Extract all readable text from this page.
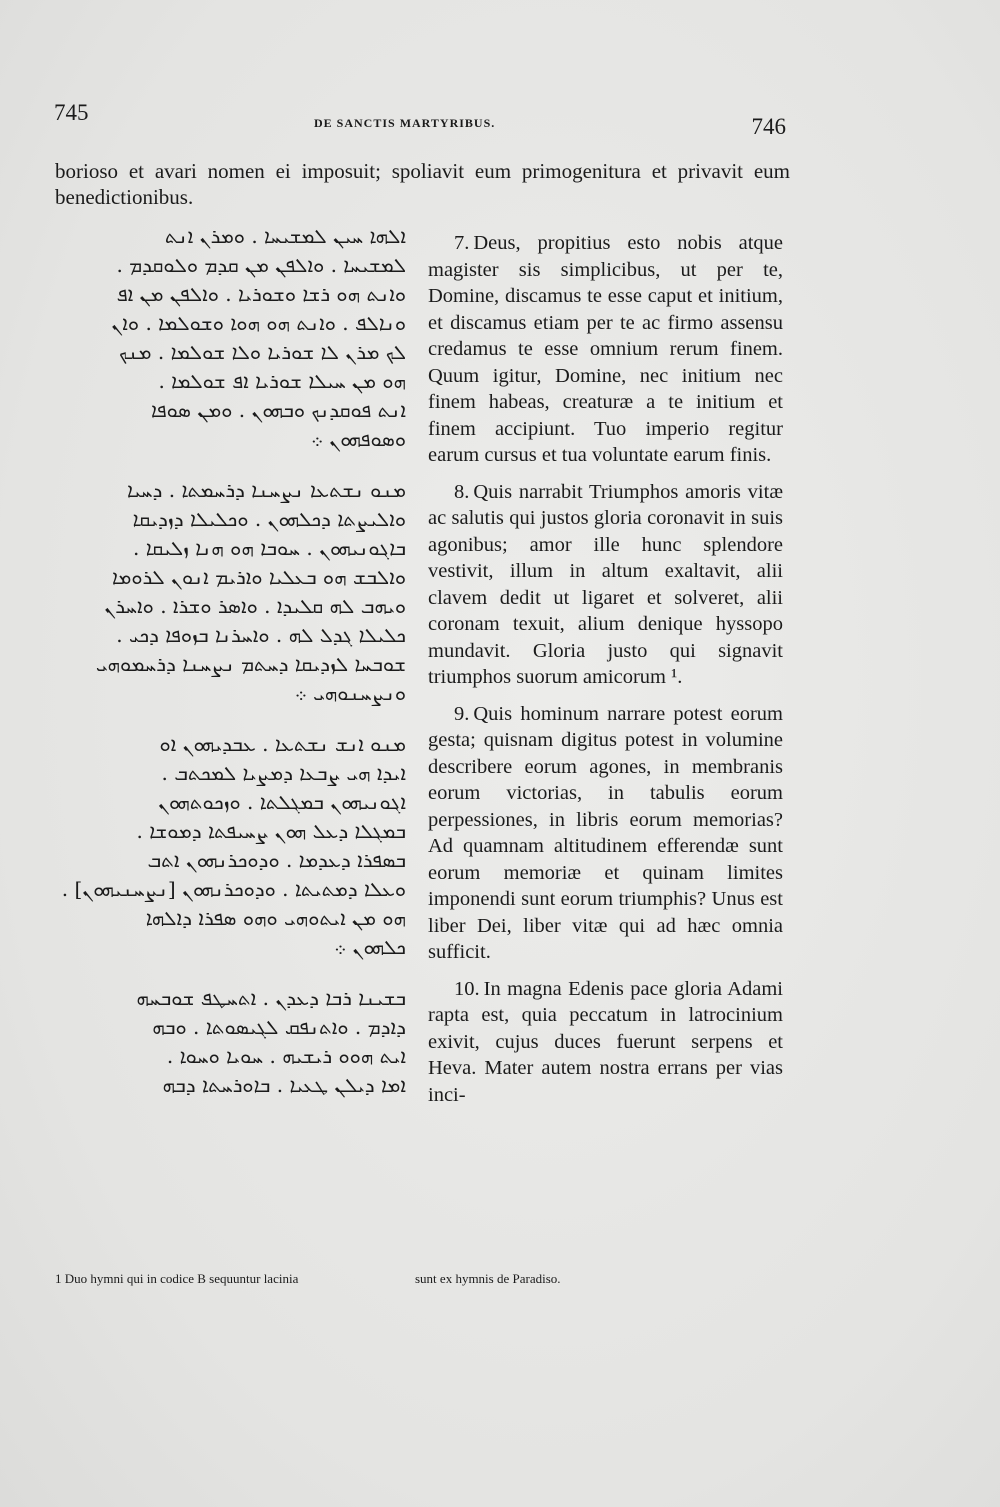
745	DE SANCTIS MARTYRIBUS.	746

borioso et avari nomen ei imposuit; spoliavit eum primogenitura et privavit eum benedictionibus.

ܐܠܗܐ ܚܝܢ ܠܡܫܝܚܐ . ܘܡܪܢ ܐܢܬ
ܠܡܫܝܚܐ . ܘܐܠܦܢ ܡܢ ܩܕܡ ܘܠܘܩܕܡ .
ܘܐܢܬ ܗܘ ܪܫܐ ܘܫܘܪܝܐ . ܘܐܠܦܢ ܡܢ ܐܦ
ܘܢܐܠܦ . ܘܐܢܬ ܗܘ ܗܘܐ ܘܫܘܠܡܐ . ܘܐܢ
ܠܟ ܡܪܢ ܠܐ ܫܘܪܝܐ ܘܠܐ ܫܘܠܡܐ . ܡܢܟ
ܗܘ ܡܢ ܚܝܠܐ ܫܘܪܝܐ ܐܦ ܫܘܠܡܐ .
ܐܢܬ ܦܘܩܕܢܟ ܘܒܗܘܢ . ܘܡܢ ܣܘܦܐ
ܘܣܘܦܗܘܢ ܀
ܡܢܘ ܢܫܬܥܐ ܢܨܚܢܐ ܕܪܚܡܬܐ . ܕܚܝܐ
ܘܐܠܝܨܬܐ ܕܟܠܗܘܢ . ܘܟܠܝܠܐ ܕܙܕܝܩܐ
ܒܐܓܘܢܝܗܘܢ . ܚܘܒܐ ܗܘ ܗܢܐ ܙܠܝܩܐ .
ܘܐܠܒܫ ܗܘ ܒܥܠܝܐ ܘܐܪܝܡ ܐܢܘܢ ܠܪܘܡܐ
ܘܝܗܒ ܠܗ ܩܠܝܕܐ . ܘܐܣܪ ܘܫܪܐ . ܘܐܚܪܢ
ܟܠܝܠܐ ܓܕܠ ܠܗ . ܘܐܚܪܢܐ ܒܙܘܦܐ ܕܟܝ .
ܫܘܒܚܐ ܠܙܕܝܩܐ ܕܚܬܡ ܢܨܚܢܐ ܕܪܚܡܘܗܝ
ܘܢܨܚܢܘܗܝ ܀
ܡܢܘ ܐܢܫ ܢܫܬܥܐ . ܥܒܕܝܗܘܢ ܐܘ
ܐܝܕܐ ܗܝ ܨܒܥܐ ܕܡܨܝܐ ܠܡܟܬܒ .
ܐܓܘܢܝܗܘܢ ܒܡܓܠܬܐ . ܘܙܟܘܬܗܘܢ
ܒܡܓܠܐ ܕܥܠ ܗܘܢ ܨܚܝܦܬܐ ܕܡܘܫܐ .
ܒܣܦܪܐ ܕܥܕܡܐ . ܘܕܘܟܪܢܗܘܢ ܐܬܒ
ܘܥܠܐ ܕܡܬܝܬܐ . ܘܕܘܟܪܢܗܘܢ [ܢܨܚܢܝܗܘܢ] .
ܗܘ ܡܢ ܐܝܬܘܗܝ ܘܗܘ ܣܦܪܐ ܕܐܠܗܐ
ܟܠܗܘܢ ܀
ܒܫܝܢܐ ܪܒܐ ܕܥܕܢ . ܐܬܚܛܦ ܫܘܒܚܗ
ܕܐܕܡ . ܘܐܬܢܦܩ ܠܓܝܣܘܬܐ . ܘܒܗ
ܐܝܬ ܗܘܘ ܪܝܫܝܗ . ܚܘܝܐ ܘܚܘܐ .
ܐܡܐ ܕܝܠܢ ܛܥܝܐ . ܒܐܘܪܚܬܐ ܕܒܗ
7. Deus, propitius esto nobis atque magister sis simplicibus, ut per te, Domine, discamus te esse caput et initium, et discamus etiam per te ac firmo assensu credamus te esse omnium rerum finem. Quum igitur, Domine, nec initium nec finem habeas, creaturæ a te initium et finem accipiunt. Tuo imperio regitur earum cursus et tua voluntate earum finis.
8. Quis narrabit Triumphos amoris vitæ ac salutis qui justos gloria coronavit in suis agonibus; amor ille hunc splendore vestivit, illum in altum exaltavit, alii clavem dedit ut ligaret et solveret, alii coronam texuit, alium denique hyssopo mundavit. Gloria justo qui signavit triumphos suorum amicorum ¹.
9. Quis hominum narrare potest eorum gesta; quisnam digitus potest in volumine describere eorum agones, in membranis eorum victorias, in tabulis eorum perpessiones, in libris eorum memorias? Ad quamnam altitudinem efferendæ sunt eorum memoriæ et quinam limites imponendi sunt eorum triumphis? Unus est liber Dei, liber vitæ qui ad hæc omnia sufficit.
10. In magna Edenis pace gloria Adami rapta est, quia peccatum in latrocinium exivit, cujus duces fuerunt serpens et Heva. Mater autem nostra errans per vias inci-
1 Duo hymni qui in codice B sequuntur lacinia	sunt ex hymnis de Paradiso.
